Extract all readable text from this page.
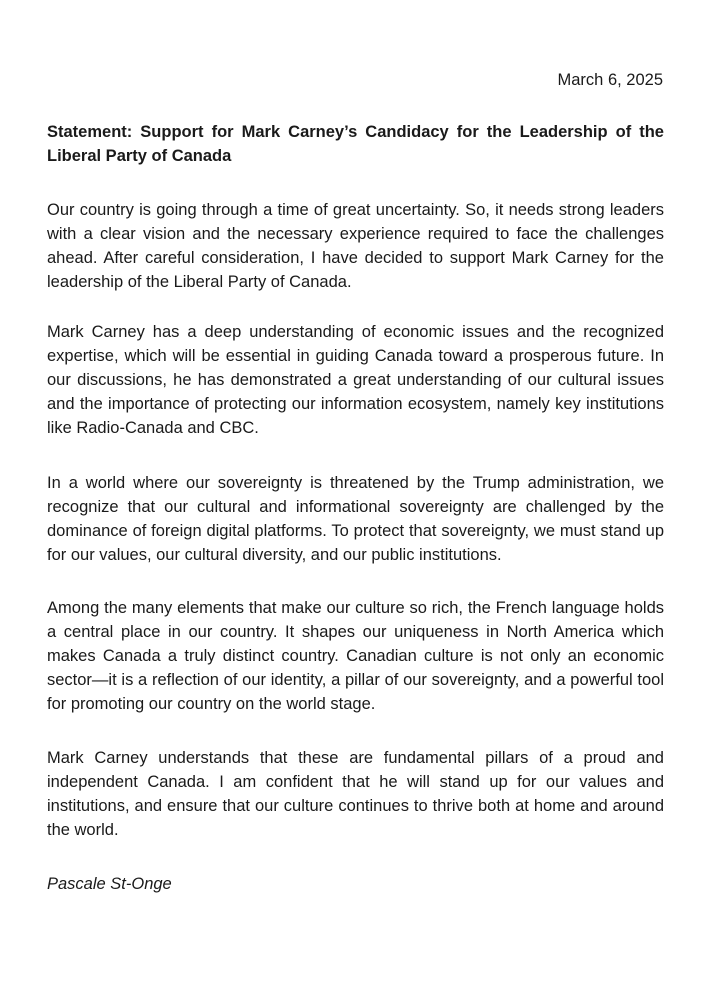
March 6, 2025
Statement: Support for Mark Carney’s Candidacy for the Leadership of the Liberal Party of Canada

Our country is going through a time of great uncertainty. So, it needs strong leaders with a clear vision and the necessary experience required to face the challenges ahead. After careful consideration, I have decided to support Mark Carney for the leadership of the Liberal Party of Canada.

Mark Carney has a deep understanding of economic issues and the recognized expertise, which will be essential in guiding Canada toward a prosperous future. In our discussions, he has demonstrated a great understanding of our cultural issues and the importance of protecting our information ecosystem, namely key institutions like Radio-Canada and CBC.

In a world where our sovereignty is threatened by the Trump administration, we recognize that our cultural and informational sovereignty are challenged by the dominance of foreign digital platforms. To protect that sovereignty, we must stand up for our values, our cultural diversity, and our public institutions.

Among the many elements that make our culture so rich, the French language holds a central place in our country. It shapes our uniqueness in North America which makes Canada a truly distinct country. Canadian culture is not only an economic sector—it is a reflection of our identity, a pillar of our sovereignty, and a powerful tool for promoting our country on the world stage.

Mark Carney understands that these are fundamental pillars of a proud and independent Canada. I am confident that he will stand up for our values and institutions, and ensure that our culture continues to thrive both at home and around the world.

Pascale St-Onge
